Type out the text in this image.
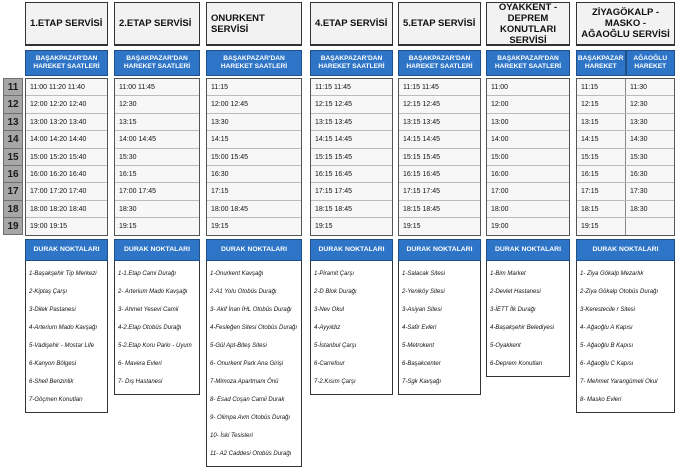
11
12
13
14
15
16
17
18
19
1.ETAP SERVİSİ
BAŞAKPAZAR'DAN HAREKET SAATLERİ
11:00 11:20 11:40
12:00 12:20 12:40
13:00 13:20 13:40
14:00 14:20 14:40
15:00 15:20 15:40
16:00 16:20 16:40
17:00 17:20 17:40
18:00 18:20 18:40
19:00 19:15
DURAK NOKTALARI
1-Başakşehir Tip Merkezi
2-Kiptaş Çarşı
3-Dilek Pastanesi
4-Arterium Mado Kavşağı
5-Vadişehir - Mostar Life
6-Kanyon Bölgesi
6-Shell Benzinlik
7-Göçmen Konutları
2.ETAP SERVİSİ
BAŞAKPAZAR'DAN HAREKET SAATLERİ
11:00 11:45
12:30
13:15
14:00 14:45
15:30
16:15
17:00 17:45
18:30
19:15
DURAK NOKTALARI
1-1.Etap Cami Durağı
2- Arterium Mado Kavşağı
3- Ahmet Yesevi Camii
4-2.Etap Otobüs Durağı
5-2.Etap Koru Parkı - Uyum
6- Mavera Evleri
7- Dış Hastanesi
ONURKENT SERVİSİ
BAŞAKPAZAR'DAN HAREKET SAATLERİ
11:15
12:00 12:45
13:30
14:15
15:00 15:45
16:30
17:15
18:00 18:45
19:15
DURAK NOKTALARI
1-Onurkent Kavşağı
2-A1 Yolu Otobüs Durağı
3- Akif İnan İHL Otobüs Durağı
4-Fesleğen Sitesi Otobüs Durağı
5-Gül Apt-Biteş Sitesi
6- Onurkent Park Ana Girişi
7-Mimoza Apartmanı Önü
8- Esad Coşan Camii Durak
9- Olimpa Avm Otobüs Durağı
10- İski Tesisleri
11- A2 Caddesi Otobüs Durağı
4.ETAP SERVİSİ
BAŞAKPAZAR'DAN HAREKET SAATLERİ
11:15 11:45
12:15 12:45
13:15 13:45
14:15 14:45
15:15 15:45
16:15 16:45
17:15 17:45
18:15 18:45
19:15
DURAK NOKTALARI
1-Piramit Çarşı
2-D Blok Durağı
3-Nev Okul
4-Ayyıldız
5-İstanbul Çarşı
6-Carrefour
7-2.Kısım Çarşı
5.ETAP SERVİSİ
BAŞAKPAZAR'DAN HAREKET SAATLERİ
11:15 11:45
12:15 12:45
13:15 13:45
14:15 14:45
15:15 15:45
16:15 16:45
17:15 17:45
18:15 18:45
19:15
DURAK NOKTALARI
1-Salacak Sitesi
2-Yeniköy Sitesi
3-Asiyan Sitesi
4-Safir Evleri
5-Metrokent
6-Başakcenter
7-Sgk Kavşağı
OYAKKENT - DEPREM KONUTLARI SERVİSİ
BAŞAKPAZAR'DAN HAREKET SAATLERİ
11:00
12:00
13:00
14:00
15:00
16:00
17:00
18:00
19:00
DURAK NOKTALARI
1-Bim Market
2-Devlet Hastanesi
3-İETT İlk Durağı
4-Başakşehir Belediyesi
5-Oyakkent
6-Deprem Konutları
ZİYAGÖKALP - MASKO - AĞAOĞLU SERVİSİ
BAŞAKPAZAR HAREKET
AĞAOĞLU HAREKET
11:15	11:30
12:15	12:30
13:15	13:30
14:15	14:30
15:15	15:30
16:15	16:30
17:15	17:30
18:15	18:30
19:15
DURAK NOKTALARI
1- Ziya Gökalp Mezarlık
2-Ziya Gökalp Otobüs Durağı
3-Kerestecile r Sitesi
4- Ağaoğlu A Kapısı
5- Ağaoğlu B Kapısı
6- Ağaoğlu C Kapısı
7- Mehmet Yarangümeli Okul
8- Masko Evleri
